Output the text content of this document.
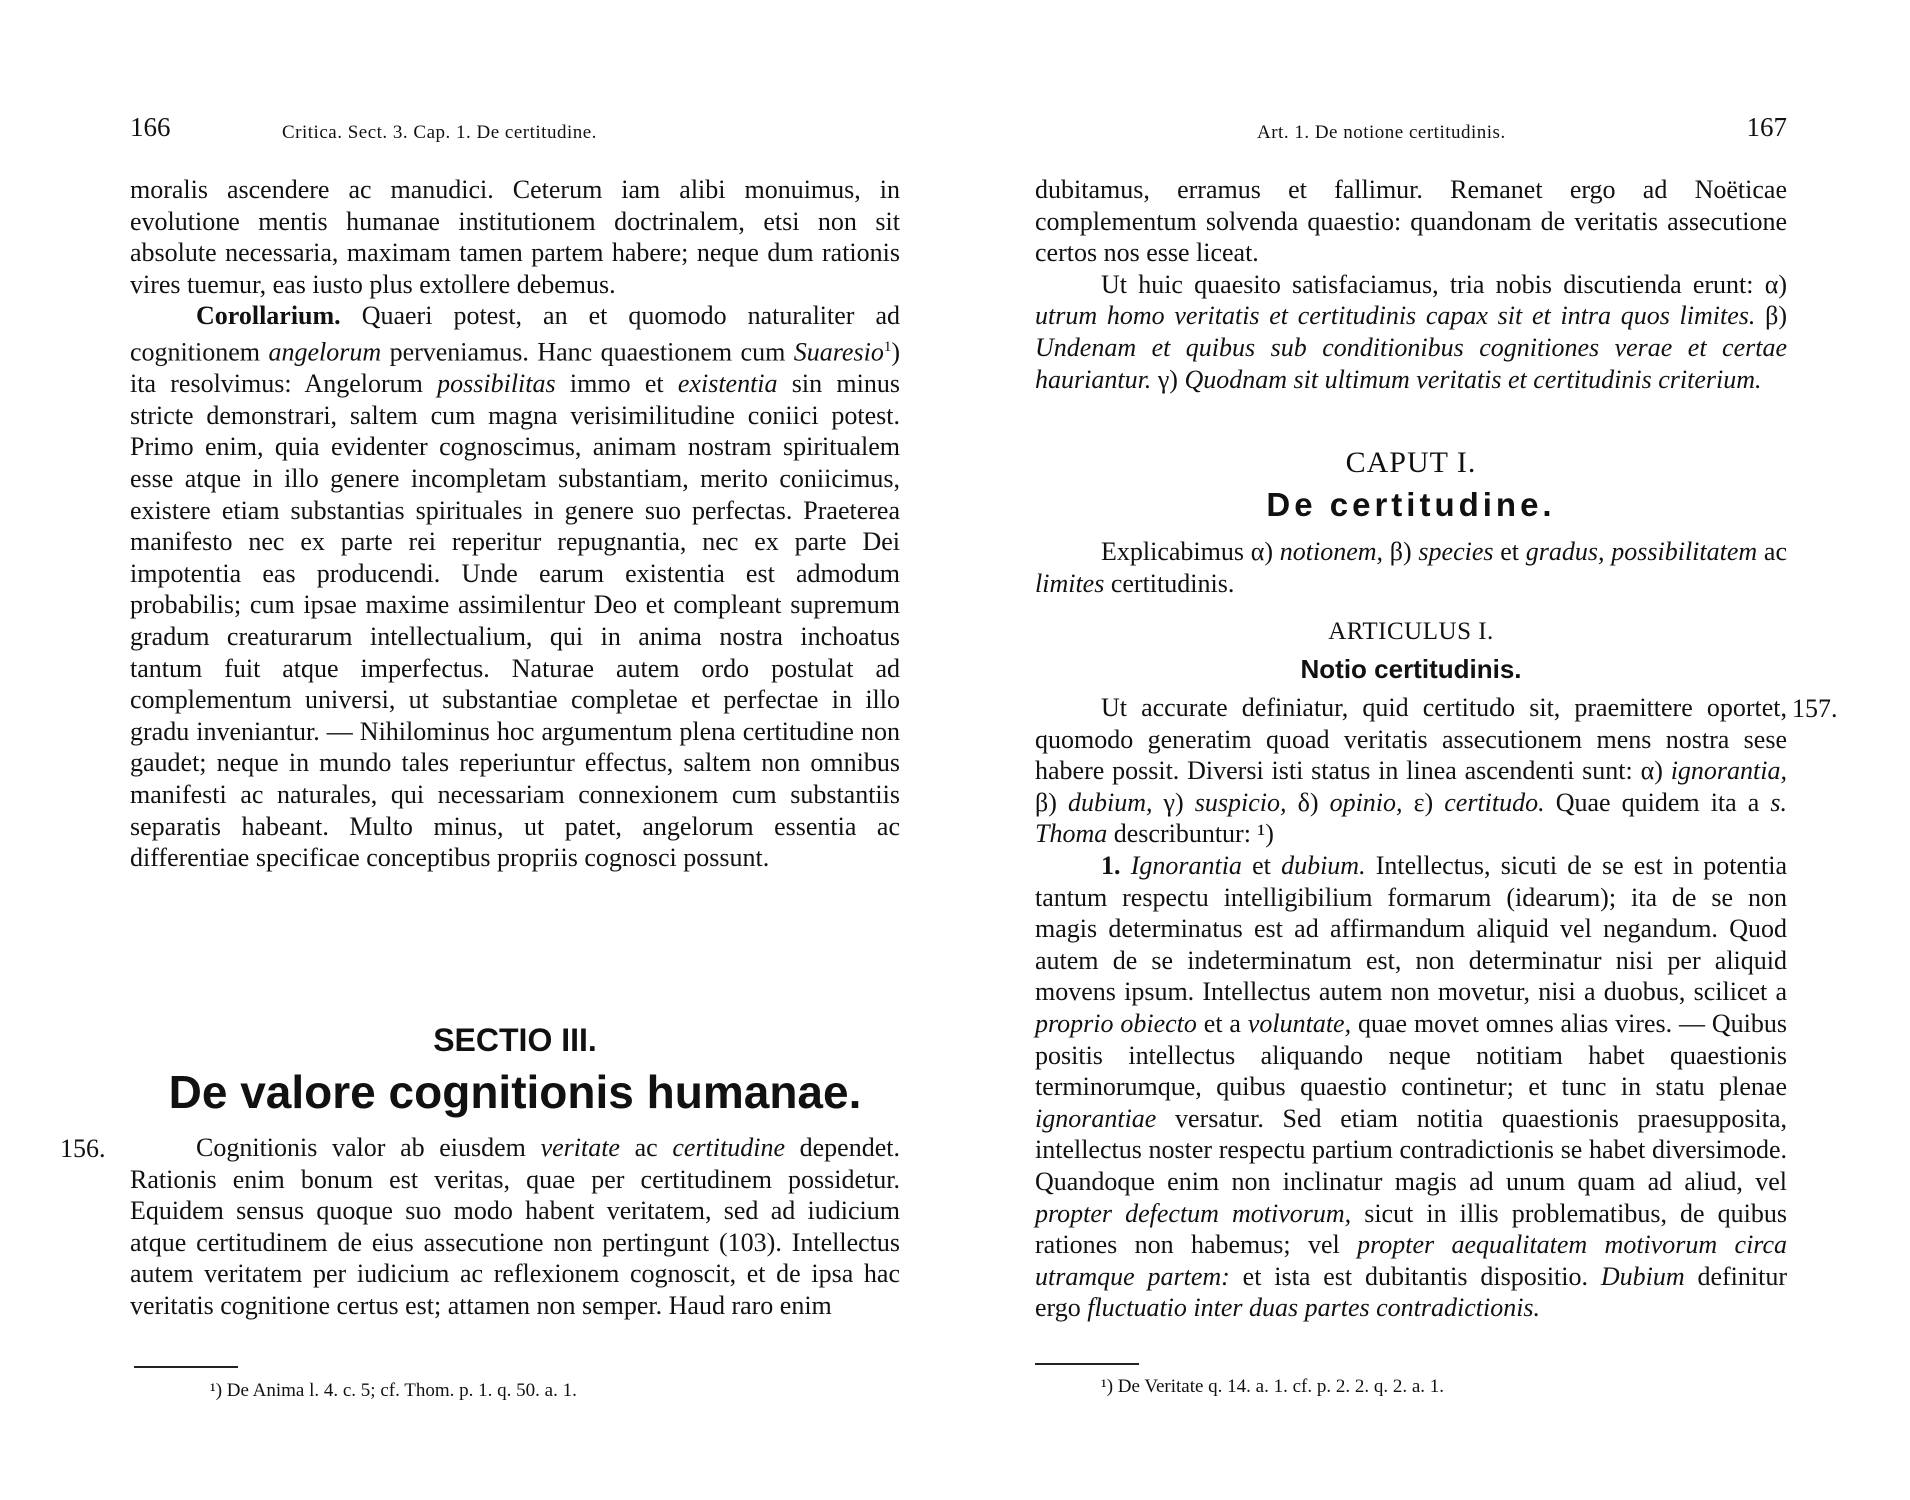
166	Critica. Sect. 3. Cap. 1. De certitudine.

moralis ascendere ac manudici. Ceterum iam alibi monuimus, in evolutione mentis humanae institutionem doctrinalem, etsi non sit absolute necessaria, maximam tamen partem habere; neque dum rationis vires tuemur, eas iusto plus extollere debemus.

Corollarium. Quaeri potest, an et quomodo naturaliter ad cognitionem angelorum perveniamus. Hanc quaestionem cum Suaresio$^1$) ita resolvimus: Angelorum possibilitas immo et existentia sin minus stricte demonstrari, saltem cum magna verisimilitudine coniici potest. Primo enim, quia evidenter cognoscimus, animam nostram spiritualem esse atque in illo genere incompletam substantiam, merito coniicimus, existere etiam substantias spirituales in genere suo perfectas. Praeterea manifesto nec ex parte rei reperitur repugnantia, nec ex parte Dei impotentia eas producendi. Unde earum existentia est admodum probabilis; cum ipsae maxime assimilentur Deo et compleant supremum gradum creaturarum intellectualium, qui in anima nostra inchoatus tantum fuit atque imperfectus. Naturae autem ordo postulat ad complementum universi, ut substantiae completae et perfectae in illo gradu inveniantur. — Nihilominus hoc argumentum plena certitudine non gaudet; neque in mundo tales reperiuntur effectus, saltem non omnibus manifesti ac naturales, qui necessariam connexionem cum substantiis separatis habeant. Multo minus, ut patet, angelorum essentia ac differentiae specificae conceptibus propriis cognosci possunt.

SECTIO III.
De valore cognitionis humanae.

Cognitionis valor ab eiusdem veritate ac certitudine dependet. Rationis enim bonum est veritas, quae per certitudinem possidetur. Equidem sensus quoque suo modo habent veritatem, sed ad iudicium atque certitudinem de eius assecutione non pertingunt (103). Intellectus autem veritatem per iudicium ac reflexionem cognoscit, et de ipsa hac veritatis cognitione certus est; attamen non semper. Haud raro enim

¹) De Anima l. 4. c. 5; cf. Thom. p. 1. q. 50. a. 1.
156.
Art. 1. De notione certitudinis.	167

dubitamus, erramus et fallimur. Remanet ergo ad Noëticae complementum solvenda quaestio: quandonam de veritatis assecutione certos nos esse liceat.

Ut huic quaesito satisfaciamus, tria nobis discutienda erunt: α) utrum homo veritatis et certitudinis capax sit et intra quos limites. β) Undenam et quibus sub conditionibus cognitiones verae et certae hauriantur. γ) Quodnam sit ultimum veritatis et certitudinis criterium.

CAPUT I.
De certitudine.

Explicabimus α) notionem, β) species et gradus, possibilitatem ac limites certitudinis.

ARTICULUS I.
Notio certitudinis.

Ut accurate definiatur, quid certitudo sit, praemittere oportet, quomodo generatim quoad veritatis assecutionem mens nostra sese habere possit. Diversi isti status in linea ascendenti sunt: α) ignorantia, β) dubium, γ) suspicio, δ) opinio, ε) certitudo. Quae quidem ita a s. Thoma describuntur: ¹)

1. Ignorantia et dubium. Intellectus, sicuti de se est in potentia tantum respectu intelligibilium formarum (idearum); ita de se non magis determinatus est ad affirmandum aliquid vel negandum. Quod autem de se indeterminatum est, non determinatur nisi per aliquid movens ipsum. Intellectus autem non movetur, nisi a duobus, scilicet a proprio obiecto et a voluntate, quae movet omnes alias vires. — Quibus positis intellectus aliquando neque notitiam habet quaestionis terminorumque, quibus quaestio continetur; et tunc in statu plenae ignorantiae versatur. Sed etiam notitia quaestionis praesupposita, intellectus noster respectu partium contradictionis se habet diversimode. Quandoque enim non inclinatur magis ad unum quam ad aliud, vel propter defectum motivorum, sicut in illis problematibus, de quibus rationes non habemus; vel propter aequalitatem motivorum circa utramque partem: et ista est dubitantis dispositio. Dubium definitur ergo fluctuatio inter duas partes contradictionis.

¹) De Veritate q. 14. a. 1. cf. p. 2. 2. q. 2. a. 1.
157.
